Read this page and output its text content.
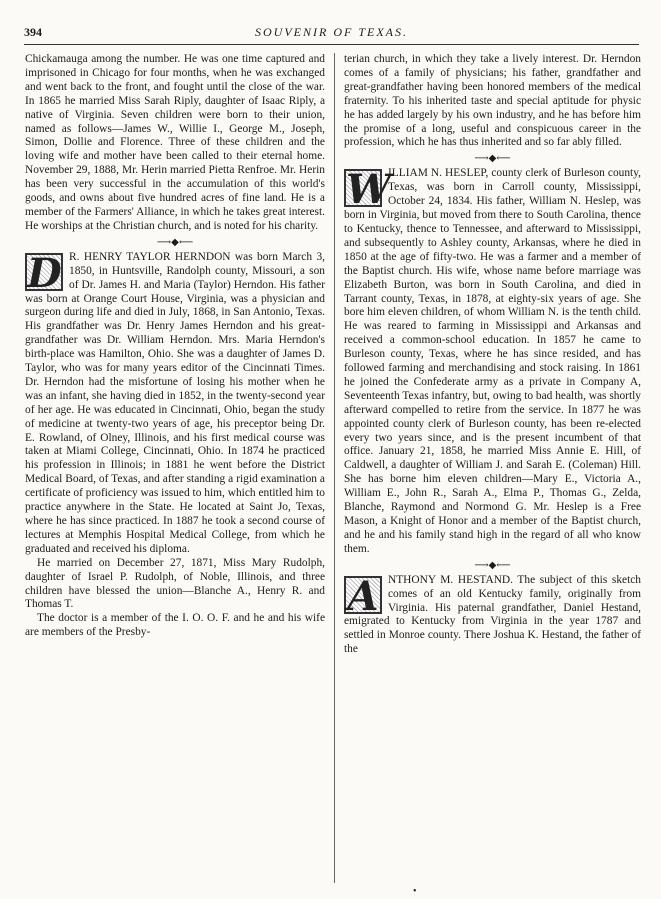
394	SOUVENIR OF TEXAS.

Chickamauga among the number. He was one time captured and imprisoned in Chicago for four months, when he was exchanged and went back to the front, and fought until the close of the war. In 1865 he married Miss Sarah Riply, daughter of Isaac Riply, a native of Virginia. Seven children were born to their union, named as follows—James W., Willie I., George M., Joseph, Simon, Dollie and Florence. Three of these children and the loving wife and mother have been called to their eternal home. November 29, 1888, Mr. Herin married Pietta Renfroe. Mr. Herin has been very successful in the accumulation of this world's goods, and owns about five hundred acres of fine land. He is a member of the Farmers' Alliance, in which he takes great interest. He worships at the Christian church, and is noted for his charity.

⟶◆⟵

D R. HENRY TAYLOR HERNDON was born March 3, 1850, in Huntsville, Randolph county, Missouri, a son of Dr. James H. and Maria (Taylor) Herndon. His father was born at Orange Court House, Virginia, was a physician and surgeon during life and died in July, 1868, in San Antonio, Texas. His grandfather was Dr. Henry James Herndon and his great-grandfather was Dr. William Herndon. Mrs. Maria Herndon's birth-place was Hamilton, Ohio. She was a daughter of James D. Taylor, who was for many years editor of the Cincinnati Times. Dr. Herndon had the misfortune of losing his mother when he was an infant, she having died in 1852, in the twenty-second year of her age. He was educated in Cincinnati, Ohio, began the study of medicine at twenty-two years of age, his preceptor being Dr. E. Rowland, of Olney, Illinois, and his first medical course was taken at Miami College, Cincinnati, Ohio. In 1874 he practiced his profession in Illinois; in 1881 he went before the District Medical Board, of Texas, and after standing a rigid examination a certificate of proficiency was issued to him, which entitled him to practice anywhere in the State. He located at Saint Jo, Texas, where he has since practiced. In 1887 he took a second course of lectures at Memphis Hospital Medical College, from which he graduated and received his diploma.

He married on December 27, 1871, Miss Mary Rudolph, daughter of Israel P. Rudolph, of Noble, Illinois, and three children have blessed the union—Blanche A., Henry R. and Thomas T.

The doctor is a member of the I. O. O. F. and he and his wife are members of the Presby-

terian church, in which they take a lively interest. Dr. Herndon comes of a family of physicians; his father, grandfather and great-grandfather having been honored members of the medical fraternity. To his inherited taste and special aptitude for physic he has added largely by his own industry, and he has before him the promise of a long, useful and conspicuous career in the profession, which he has thus inherited and so far ably filled.

⟶◆⟵

W
ILLIAM N. HESLEP, county clerk of Burleson county, Texas, was born in Carroll county, Mississippi, October 24, 1834. His father, William N. Heslep, was born in Virginia, but moved from there to South Carolina, thence to Kentucky, thence to Tennessee, and afterward to Mississippi, and subsequently to Ashley county, Arkansas, where he died in 1850 at the age of fifty-two. He was a farmer and a member of the Baptist church. His wife, whose name before marriage was Elizabeth Burton, was born in South Carolina, and died in Tarrant county, Texas, in 1878, at eighty-six years of age. She bore him eleven children, of whom William N. is the tenth child. He was reared to farming in Mississippi and Arkansas and received a common-school education. In 1857 he came to Burleson county, Texas, where he has since resided, and has followed farming and merchandising and stock raising. In 1861 he joined the Confederate army as a private in Company A, Seventeenth Texas infantry, but, owing to bad health, was shortly afterward compelled to retire from the service. In 1877 he was appointed county clerk of Burleson county, has been re-elected every two years since, and is the present incumbent of that office. January 21, 1858, he married Miss Annie E. Hill, of Caldwell, a daughter of William J. and Sarah E. (Coleman) Hill. She has borne him eleven children—Mary E., Victoria A., William E., John R., Sarah A., Elma P., Thomas G., Zelda, Blanche, Raymond and Normond G. Mr. Heslep is a Free Mason, a Knight of Honor and a member of the Baptist church, and he and his family stand high in the regard of all who know them.

⟶◆⟵

A NTHONY M. HESTAND. The subject of this sketch comes of an old Kentucky family, originally from Virginia. His paternal grandfather, Daniel Hestand, emigrated to Kentucky from Virginia in the year 1787 and settled in Monroe county. There Joshua K. Hestand, the father of the

•
